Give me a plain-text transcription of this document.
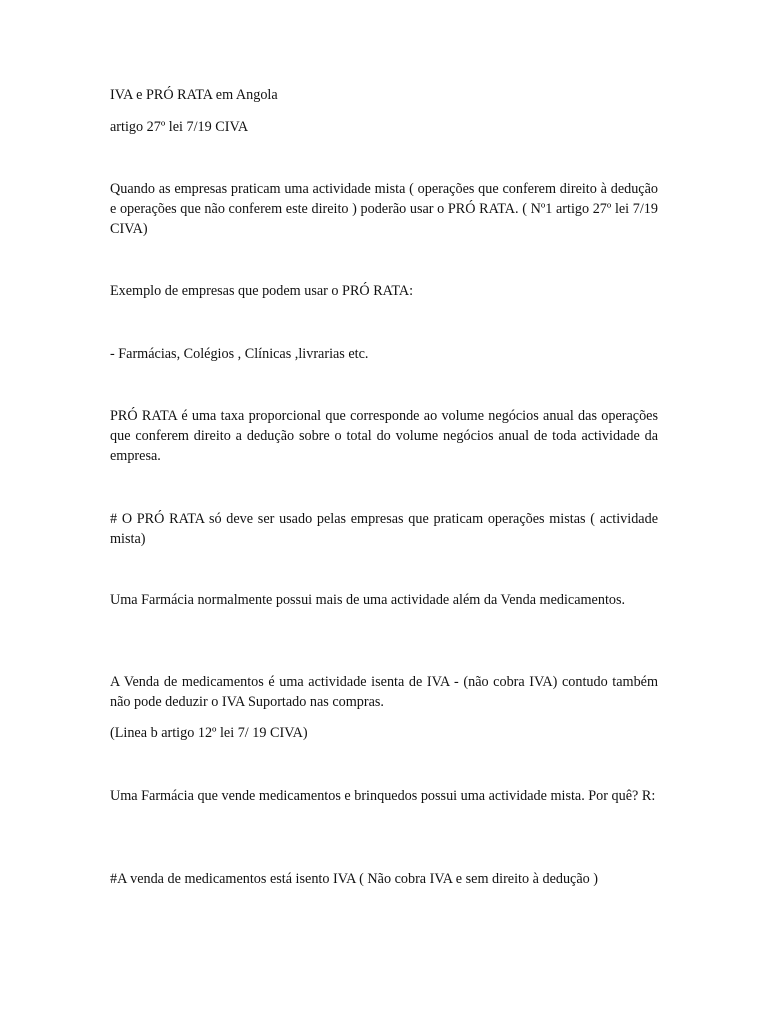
IVA e PRÓ RATA em Angola

artigo 27º lei 7/19 CIVA

Quando as empresas praticam uma actividade mista ( operações que conferem direito à dedução e operações que não conferem este direito ) poderão usar o PRÓ RATA. ( Nº1 artigo 27º lei 7/19 CIVA)

Exemplo de empresas que podem usar o PRÓ RATA:

- Farmácias, Colégios , Clínicas ,livrarias etc.

PRÓ RATA é uma taxa proporcional que corresponde ao volume negócios anual das operações que conferem direito a dedução sobre o total do volume negócios anual de toda actividade da empresa.

# O PRÓ RATA só deve ser usado pelas empresas que praticam operações mistas ( actividade mista)

Uma Farmácia normalmente possui mais de uma actividade além da Venda medicamentos.

A Venda de medicamentos é uma actividade isenta de IVA - (não cobra IVA) contudo também não pode deduzir o IVA Suportado nas compras.

(Linea b artigo 12º lei 7/ 19 CIVA)

Uma Farmácia que vende medicamentos e brinquedos possui uma actividade mista. Por quê? R:

#A venda de medicamentos está isento IVA ( Não cobra IVA e sem direito à dedução )
